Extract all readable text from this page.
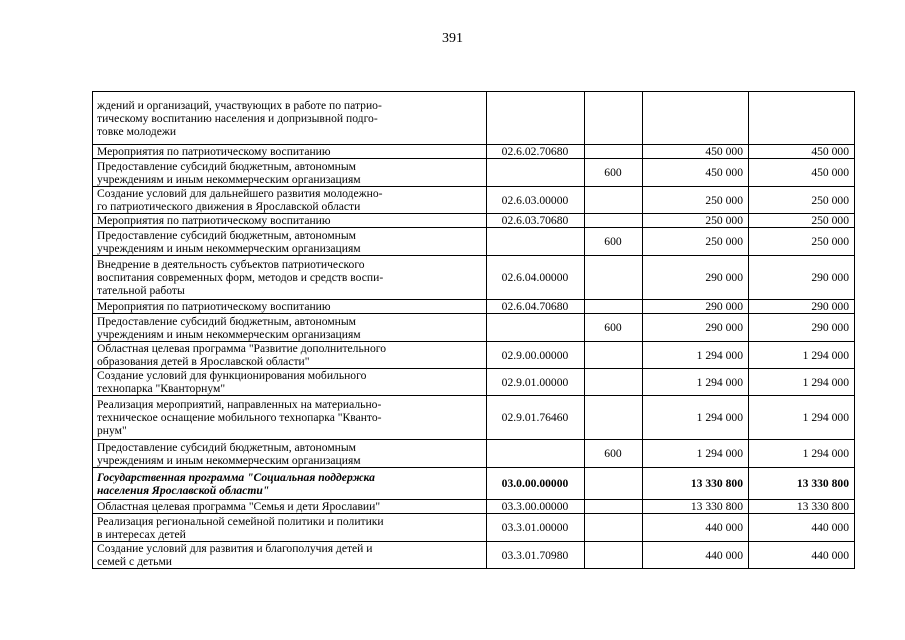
391
ждений и организаций, участвующих в работе по патрио-
тическому воспитанию населения и допризывной подго-
товке молодежи				
Мероприятия по патриотическому воспитанию	02.6.02.70680		450 000	450 000
Предоставление субсидий бюджетным, автономным
учреждениям и иным некоммерческим организациям		600	450 000	450 000
Создание условий для дальнейшего развития молодежно-
го патриотического движения в Ярославской области	02.6.03.00000		250 000	250 000
Мероприятия по патриотическому воспитанию	02.6.03.70680		250 000	250 000
Предоставление субсидий бюджетным, автономным
учреждениям и иным некоммерческим организациям		600	250 000	250 000
Внедрение в деятельность субъектов патриотического
воспитания современных форм, методов и средств воспи-
тательной работы	02.6.04.00000		290 000	290 000
Мероприятия по патриотическому воспитанию	02.6.04.70680		290 000	290 000
Предоставление субсидий бюджетным, автономным
учреждениям и иным некоммерческим организациям		600	290 000	290 000
Областная целевая программа "Развитие дополнительного
образования детей в Ярославской области"	02.9.00.00000		1 294 000	1 294 000
Создание условий для функционирования мобильного
технопарка "Кванторнум"	02.9.01.00000		1 294 000	1 294 000
Реализация мероприятий, направленных на материально-
техническое оснащение мобильного технопарка "Кванто-
рнум"	02.9.01.76460		1 294 000	1 294 000
Предоставление субсидий бюджетным, автономным
учреждениям и иным некоммерческим организациям		600	1 294 000	1 294 000
Государственная программа "Социальная поддержка
населения Ярославской области"	03.0.00.00000		13 330 800	13 330 800
Областная целевая программа "Семья и дети Ярославии"	03.3.00.00000		13 330 800	13 330 800
Реализация региональной семейной политики и политики
в интересах детей	03.3.01.00000		440 000	440 000
Создание условий для развития и благополучия детей и
семей с детьми	03.3.01.70980		440 000	440 000
